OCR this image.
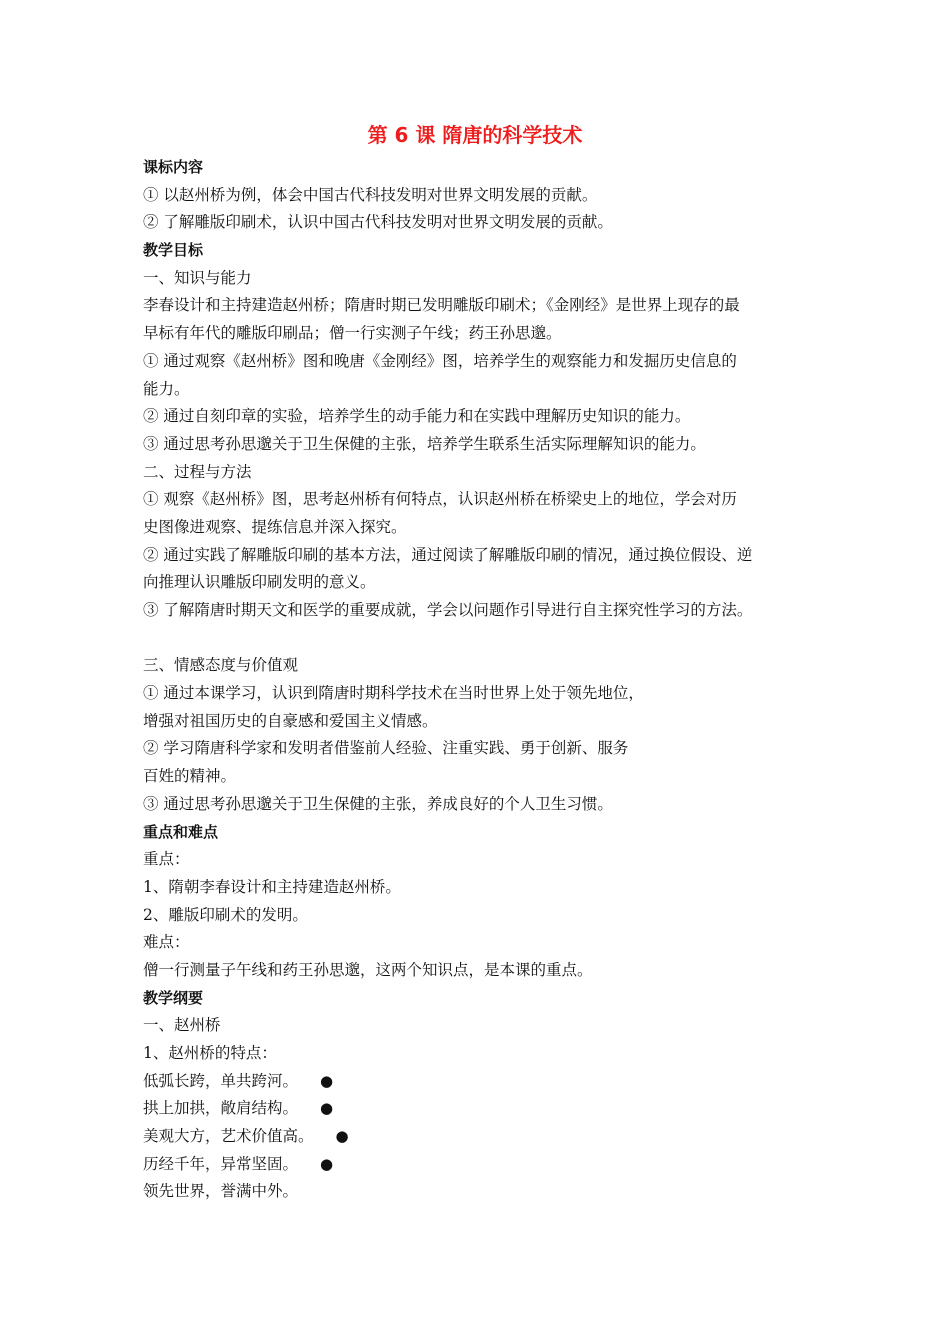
第 6 课 隋唐的科学技术
课标内容
① 以赵州桥为例，体会中国古代科技发明对世界文明发展的贡献。
② 了解雕版印刷术，认识中国古代科技发明对世界文明发展的贡献。
教学目标
一、知识与能力
李春设计和主持建造赵州桥；隋唐时期已发明雕版印刷术；《金刚经》是世界上现存的最
早标有年代的雕版印刷品；僧一行实测子午线；药王孙思邈。
① 通过观察《赵州桥》图和晚唐《金刚经》图，培养学生的观察能力和发掘历史信息的
能力。
② 通过自刻印章的实验，培养学生的动手能力和在实践中理解历史知识的能力。
③ 通过思考孙思邈关于卫生保健的主张，培养学生联系生活实际理解知识的能力。
二、过程与方法
① 观察《赵州桥》图，思考赵州桥有何特点，认识赵州桥在桥梁史上的地位，学会对历
史图像进观察、提练信息并深入探究。
② 通过实践了解雕版印刷的基本方法，通过阅读了解雕版印刷的情况，通过换位假设、逆
向推理认识雕版印刷发明的意义。
③ 了解隋唐时期天文和医学的重要成就，学会以问题作引导进行自主探究性学习的方法。
三、情感态度与价值观
① 通过本课学习，认识到隋唐时期科学技术在当时世界上处于领先地位，
增强对祖国历史的自豪感和爱国主义情感。
② 学习隋唐科学家和发明者借鉴前人经验、注重实践、勇于创新、服务
百姓的精神。
③ 通过思考孙思邈关于卫生保健的主张，养成良好的个人卫生习惯。
重点和难点
重点：
1、隋朝李春设计和主持建造赵州桥。
2、雕版印刷术的发明。
难点：
僧一行测量子午线和药王孙思邈，这两个知识点，是本课的重点。
教学纲要
一、赵州桥
1、赵州桥的特点：
低弧长跨，单共跨河。 ●
拱上加拱，敞肩结构。 ●
美观大方，艺术价值高。 ●
历经千年，异常坚固。 ●
领先世界，誉满中外。
